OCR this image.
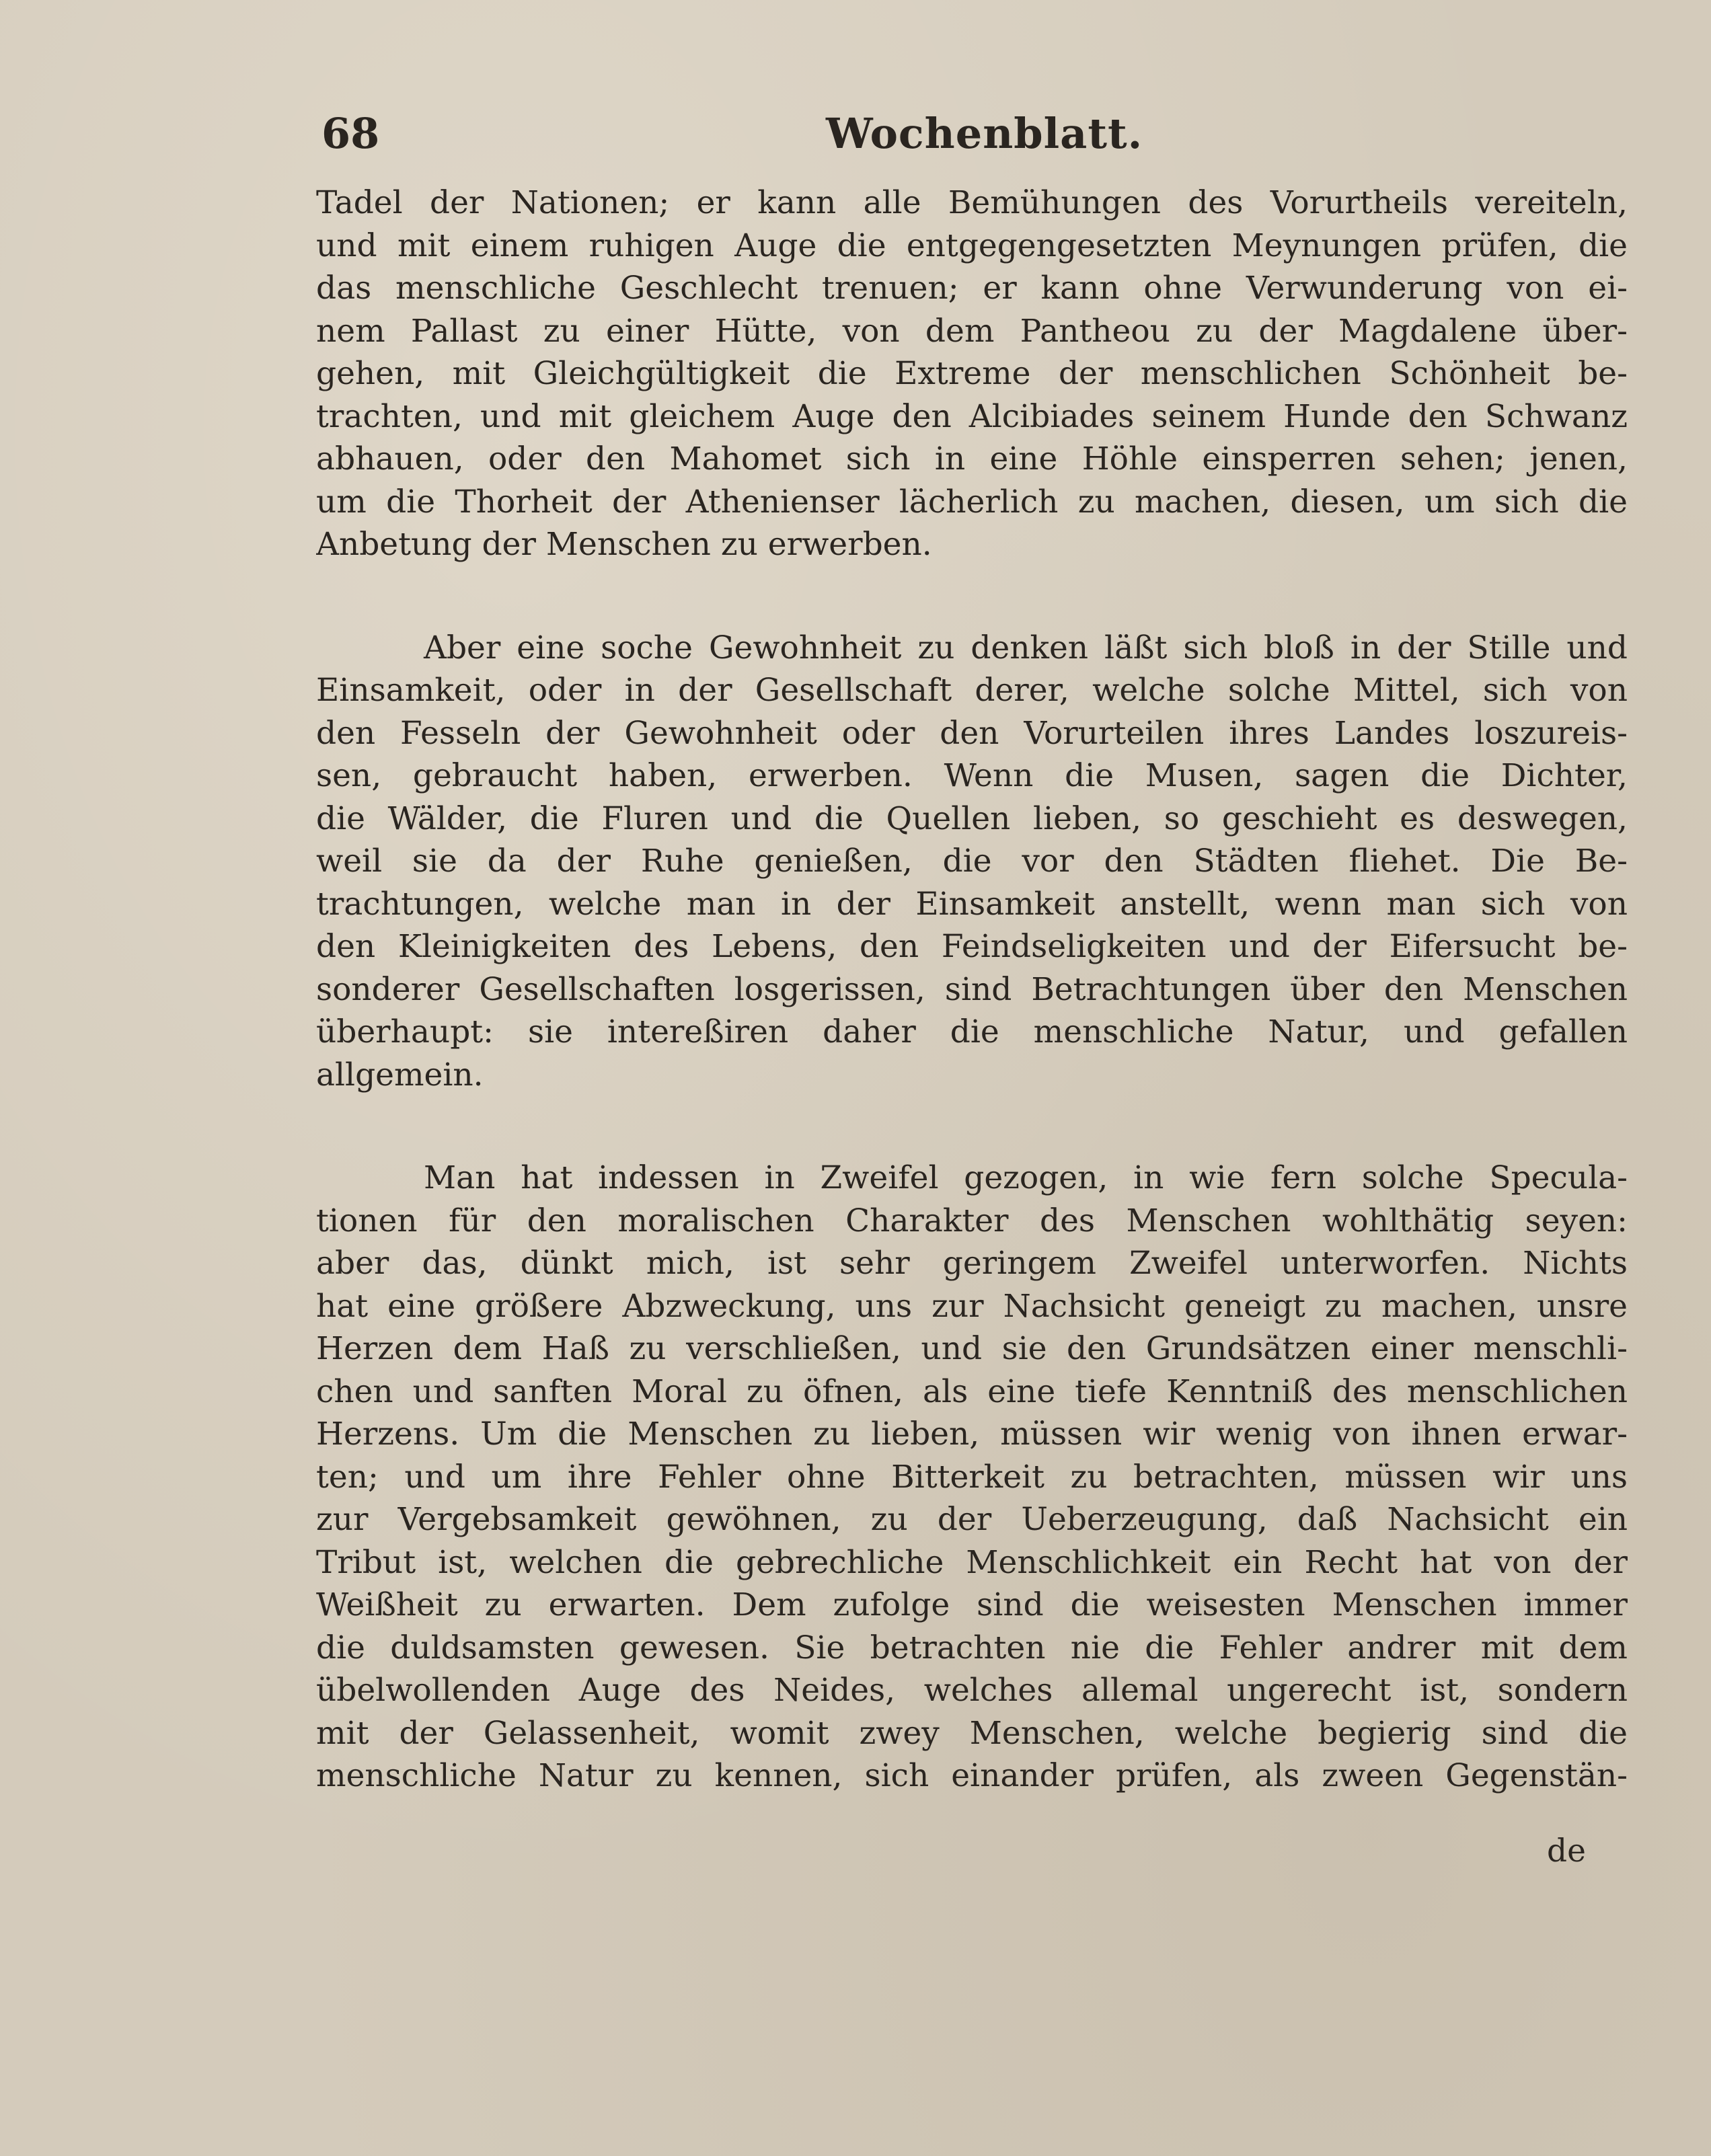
68	Wochenblatt.
Tadel der Nationen; er kann alle Bemühungen des Vorurtheils vereiteln,
und mit einem ruhigen Auge die entgegengesetzten Meynungen prüfen, die
das menschliche Geschlecht trenuen; er kann ohne Verwunderung von ei-
nem Pallast zu einer Hütte, von dem Pantheou zu der Magdalene über-
gehen, mit Gleichgültigkeit die Extreme der menschlichen Schönheit be-
trachten, und mit gleichem Auge den Alcibiades seinem Hunde den Schwanz
abhauen, oder den Mahomet sich in eine Höhle einsperren sehen; jenen,
um die Thorheit der Athenienser lächerlich zu machen, diesen, um sich die
Anbetung der Menschen zu erwerben.
Aber eine soche Gewohnheit zu denken läßt sich bloß in der Stille und
Einsamkeit, oder in der Gesellschaft derer, welche solche Mittel, sich von
den Fesseln der Gewohnheit oder den Vorurteilen ihres Landes loszureis-
sen, gebraucht haben, erwerben. Wenn die Musen, sagen die Dichter,
die Wälder, die Fluren und die Quellen lieben, so geschieht es deswegen,
weil sie da der Ruhe genießen, die vor den Städten fliehet. Die Be-
trachtungen, welche man in der Einsamkeit anstellt, wenn man sich von
den Kleinigkeiten des Lebens, den Feindseligkeiten und der Eifersucht be-
sonderer Gesellschaften losgerissen, sind Betrachtungen über den Menschen
überhaupt: sie intereßiren daher die menschliche Natur, und gefallen
allgemein.
Man hat indessen in Zweifel gezogen, in wie fern solche Specula-
tionen für den moralischen Charakter des Menschen wohlthätig seyen:
aber das, dünkt mich, ist sehr geringem Zweifel unterworfen. Nichts
hat eine größere Abzweckung, uns zur Nachsicht geneigt zu machen, unsre
Herzen dem Haß zu verschließen, und sie den Grundsätzen einer menschli-
chen und sanften Moral zu öfnen, als eine tiefe Kenntniß des menschlichen
Herzens. Um die Menschen zu lieben, müssen wir wenig von ihnen erwar-
ten; und um ihre Fehler ohne Bitterkeit zu betrachten, müssen wir uns
zur Vergebsamkeit gewöhnen, zu der Ueberzeugung, daß Nachsicht ein
Tribut ist, welchen die gebrechliche Menschlichkeit ein Recht hat von der
Weißheit zu erwarten. Dem zufolge sind die weisesten Menschen immer
die duldsamsten gewesen. Sie betrachten nie die Fehler andrer mit dem
übelwollenden Auge des Neides, welches allemal ungerecht ist, sondern
mit der Gelassenheit, womit zwey Menschen, welche begierig sind die
menschliche Natur zu kennen, sich einander prüfen, als zween Gegenstän-
de
